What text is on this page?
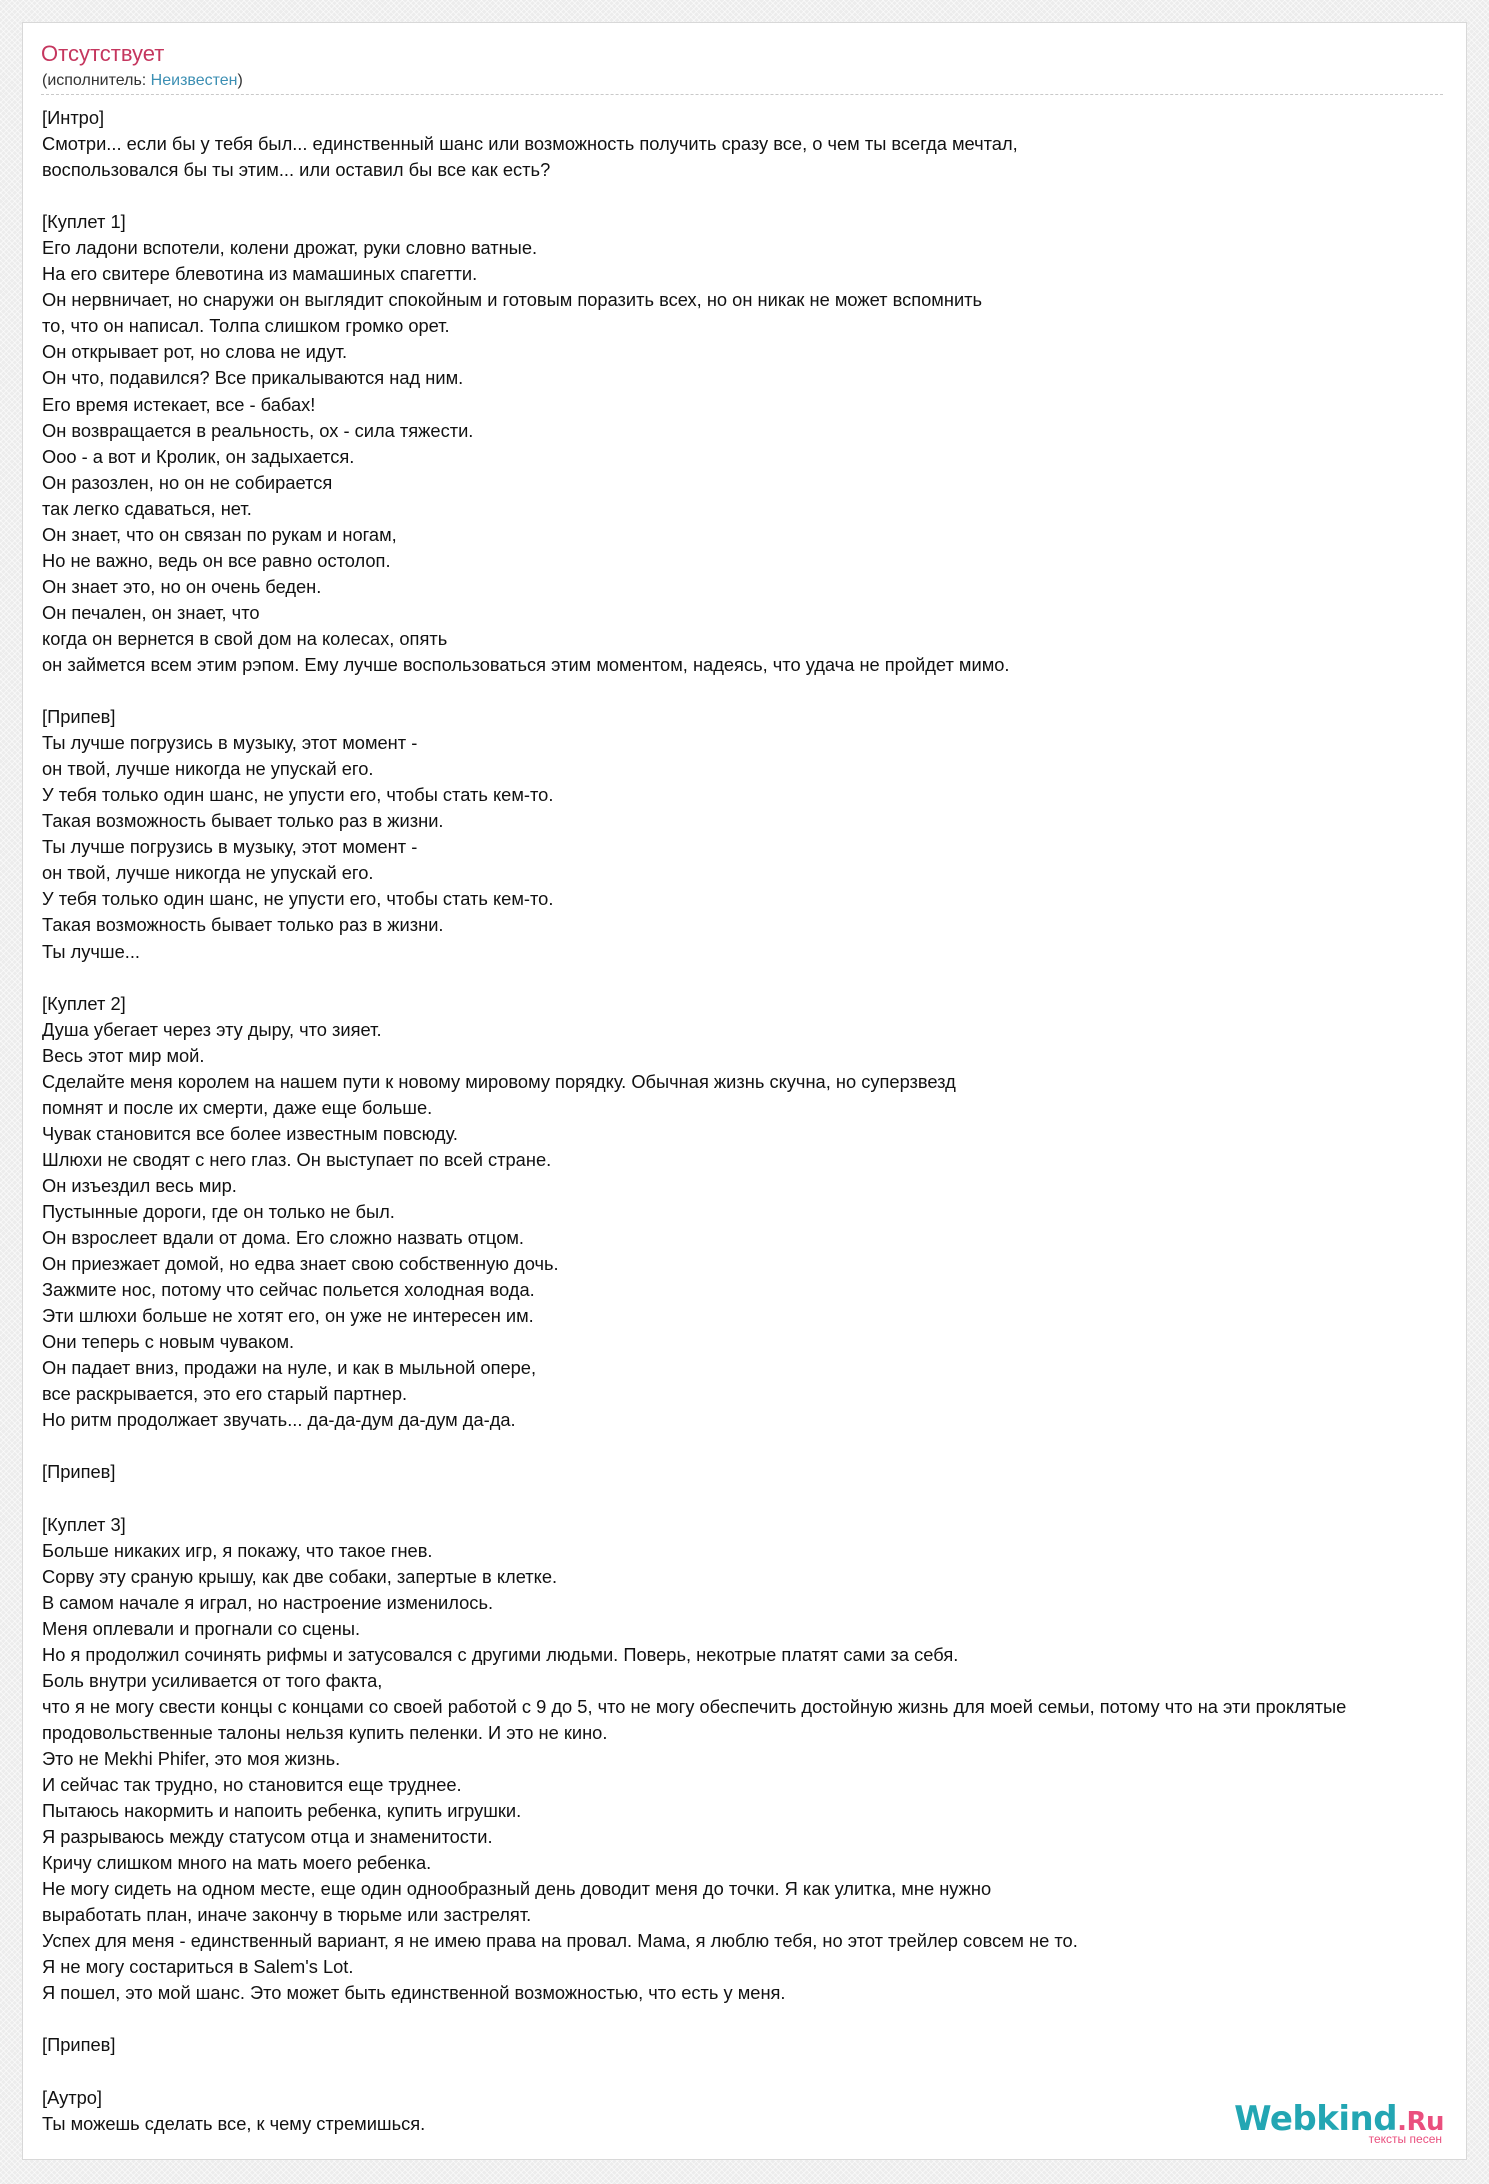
Отсутствует
(исполнитель: Неизвестен)
[Интро]
Смотри... если бы у тебя был... единственный шанс или возможность получить сразу все, о чем ты всегда мечтал,
воспользовался бы ты этим... или оставил бы все как есть?

[Куплет 1]
Его ладони вспотели, колени дрожат, руки словно ватные.
На его свитере блевотина из мамашиных спагетти.
Он нервничает, но снаружи он выглядит спокойным и готовым поразить всех, но он никак не может вспомнить
то, что он написал. Толпа слишком громко орет.
Он открывает рот, но слова не идут.
Он что, подавился? Все прикалываются над ним.
Его время истекает, все - бабах!
Он возвращается в реальность, ох - сила тяжести.
Ооо - а вот и Кролик, он задыхается.
Он разозлен, но он не собирается
так легко сдаваться, нет.
Он знает, что он связан по рукам и ногам,
Но не важно, ведь он все равно остолоп.
Он знает это, но он очень беден.
Он печален, он знает, что
когда он вернется в свой дом на колесах, опять
он займется всем этим рэпом. Ему лучше воспользоваться этим моментом, надеясь, что удача не пройдет мимо.

[Припев]
Ты лучше погрузись в музыку, этот момент -
он твой, лучше никогда не упускай его.
У тебя только один шанс, не упусти его, чтобы стать кем-то.
Такая возможность бывает только раз в жизни.
Ты лучше погрузись в музыку, этот момент -
он твой, лучше никогда не упускай его.
У тебя только один шанс, не упусти его, чтобы стать кем-то.
Такая возможность бывает только раз в жизни.
Ты лучше...

[Куплет 2]
Душа убегает через эту дыру, что зияет.
Весь этот мир мой.
Сделайте меня королем на нашем пути к новому мировому порядку. Обычная жизнь скучна, но суперзвезд
помнят и после их смерти, даже еще больше.
Чувак становится все более известным повсюду.
Шлюхи не сводят с него глаз. Он выступает по всей стране.
Он изъездил весь мир.
Пустынные дороги, где он только не был.
Он взрослеет вдали от дома. Его сложно назвать отцом.
Он приезжает домой, но едва знает свою собственную дочь.
Зажмите нос, потому что сейчас польется холодная вода.
Эти шлюхи больше не хотят его, он уже не интересен им.
Они теперь с новым чуваком.
Он падает вниз, продажи на нуле, и как в мыльной опере,
все раскрывается, это его старый партнер.
Но ритм продолжает звучать... да-да-дум да-дум да-да.

[Припев]

[Куплет 3]
Больше никаких игр, я покажу, что такое гнев.
Сорву эту сраную крышу, как две собаки, запертые в клетке.
В самом начале я играл, но настроение изменилось.
Меня оплевали и прогнали со сцены.
Но я продолжил сочинять рифмы и затусовался с другими людьми. Поверь, некотрые платят сами за себя.
Боль внутри усиливается от того факта,
что я не могу свести концы с концами со своей работой с 9 до 5, что не могу обеспечить достойную жизнь для моей семьи, потому что на эти проклятые
продовольственные талоны нельзя купить пеленки. И это не кино.
Это не Mekhi Phifer, это моя жизнь.
И сейчас так трудно, но становится еще труднее.
Пытаюсь накормить и напоить ребенка, купить игрушки.
Я разрываюсь между статусом отца и знаменитости.
Кричу слишком много на мать моего ребенка.
Не могу сидеть на одном месте, еще один однообразный день доводит меня до точки. Я как улитка, мне нужно
выработать план, иначе закончу в тюрьме или застрелят.
Успех для меня - единственный вариант, я не имею права на провал. Мама, я люблю тебя, но этот трейлер совсем не то.
Я не могу состариться в Salem's Lot.
Я пошел, это мой шанс. Это может быть единственной возможностью, что есть у меня.

[Припев]

[Аутро]
Ты можешь сделать все, к чему стремишься.	Webkind.Ru
тексты песен
